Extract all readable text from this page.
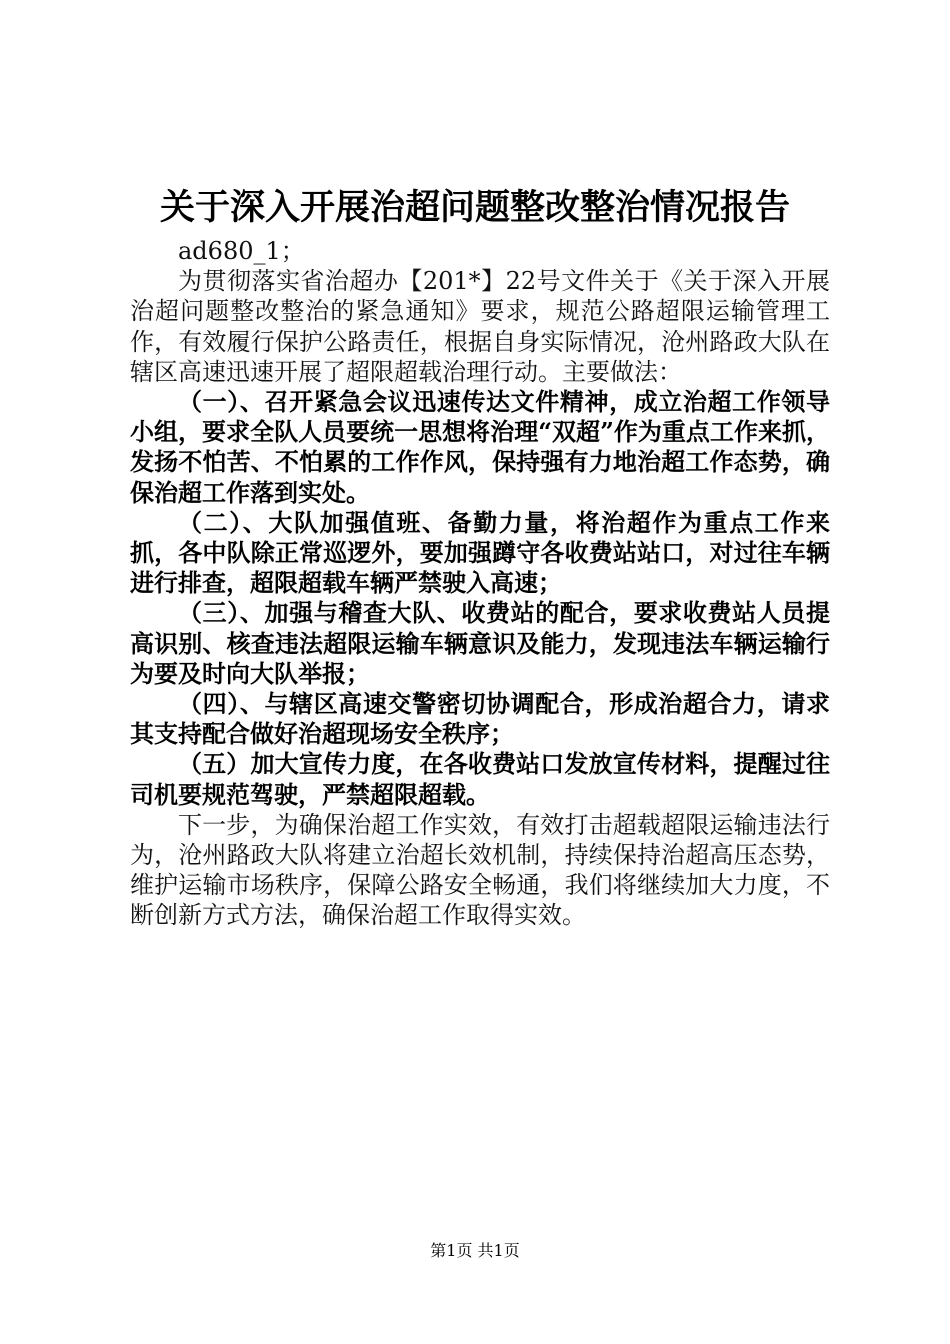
关于深入开展治超问题整改整治情况报告

ad680_1；

为贯彻落实省治超办【201*】22号文件关于《关于深入开展治超问题整改整治的紧急通知》要求，规范公路超限运输管理工作，有效履行保护公路责任，根据自身实际情况，沧州路政大队在辖区高速迅速开展了超限超载治理行动。主要做法：

（一）、召开紧急会议迅速传达文件精神，成立治超工作领导小组，要求全队人员要统一思想将治理“双超”作为重点工作来抓，发扬不怕苦、不怕累的工作作风，保持强有力地治超工作态势，确保治超工作落到实处。

（二）、大队加强值班、备勤力量，将治超作为重点工作来抓，各中队除正常巡逻外，要加强蹲守各收费站站口，对过往车辆进行排查，超限超载车辆严禁驶入高速；

（三）、加强与稽查大队、收费站的配合，要求收费站人员提高识别、核查违法超限运输车辆意识及能力，发现违法车辆运输行为要及时向大队举报；

（四）、与辖区高速交警密切协调配合，形成治超合力，请求其支持配合做好治超现场安全秩序；

（五）加大宣传力度，在各收费站口发放宣传材料，提醒过往司机要规范驾驶，严禁超限超载。

下一步，为确保治超工作实效，有效打击超载超限运输违法行为，沧州路政大队将建立治超长效机制，持续保持治超高压态势，维护运输市场秩序，保障公路安全畅通，我们将继续加大力度，不断创新方式方法，确保治超工作取得实效。

第1页 共1页
